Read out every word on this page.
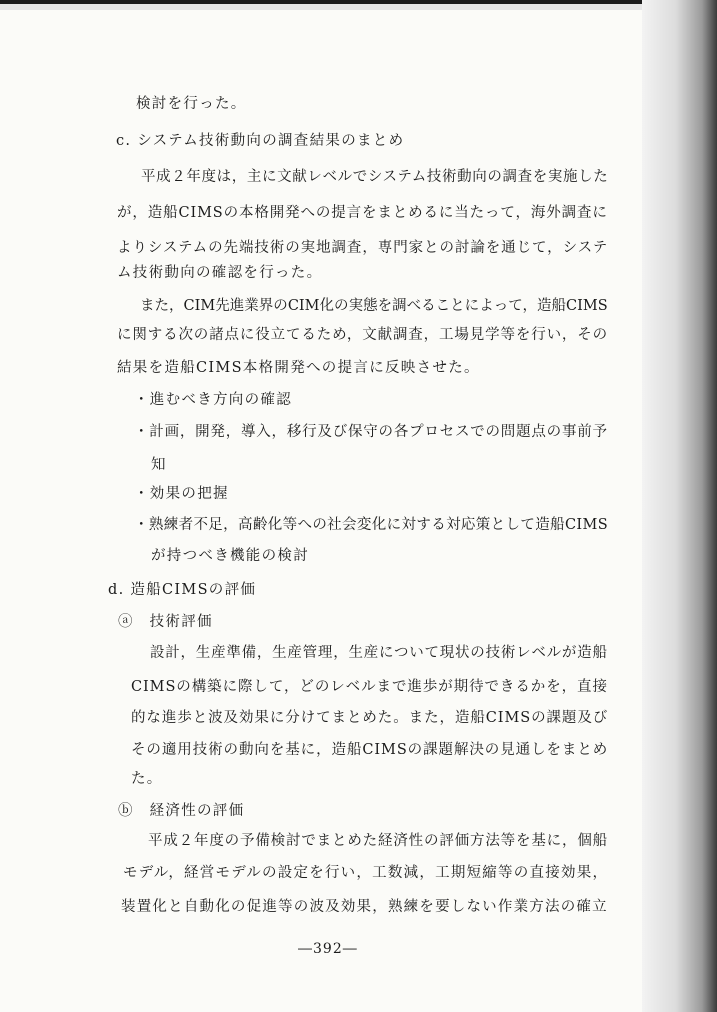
検討を行った。
c. システム技術動向の調査結果のまとめ
平成２年度は，主に文献レベルでシステム技術動向の調査を実施した
が，造船CIMSの本格開発への提言をまとめるに当たって，海外調査に
よりシステムの先端技術の実地調査，専門家との討論を通じて，システ
ム技術動向の確認を行った。
また，CIM先進業界のCIM化の実態を調べることによって，造船CIMS
に関する次の諸点に役立てるため，文献調査，工場見学等を行い，その
結果を造船CIMS本格開発への提言に反映させた。
・進むべき方向の確認
・計画，開発，導入，移行及び保守の各プロセスでの問題点の事前予
知
・効果の把握
・熟練者不足，高齢化等への社会変化に対する対応策として造船CIMS
が持つべき機能の検討
d. 造船CIMSの評価
ⓐ　技術評価
設計，生産準備，生産管理，生産について現状の技術レベルが造船
CIMSの構築に際して，どのレベルまで進歩が期待できるかを，直接
的な進歩と波及効果に分けてまとめた。また，造船CIMSの課題及び
その適用技術の動向を基に，造船CIMSの課題解決の見通しをまとめ
た。
ⓑ　経済性の評価
平成２年度の予備検討でまとめた経済性の評価方法等を基に，個船
モデル，経営モデルの設定を行い，工数減，工期短縮等の直接効果，
装置化と自動化の促進等の波及効果，熟練を要しない作業方法の確立
―392―
